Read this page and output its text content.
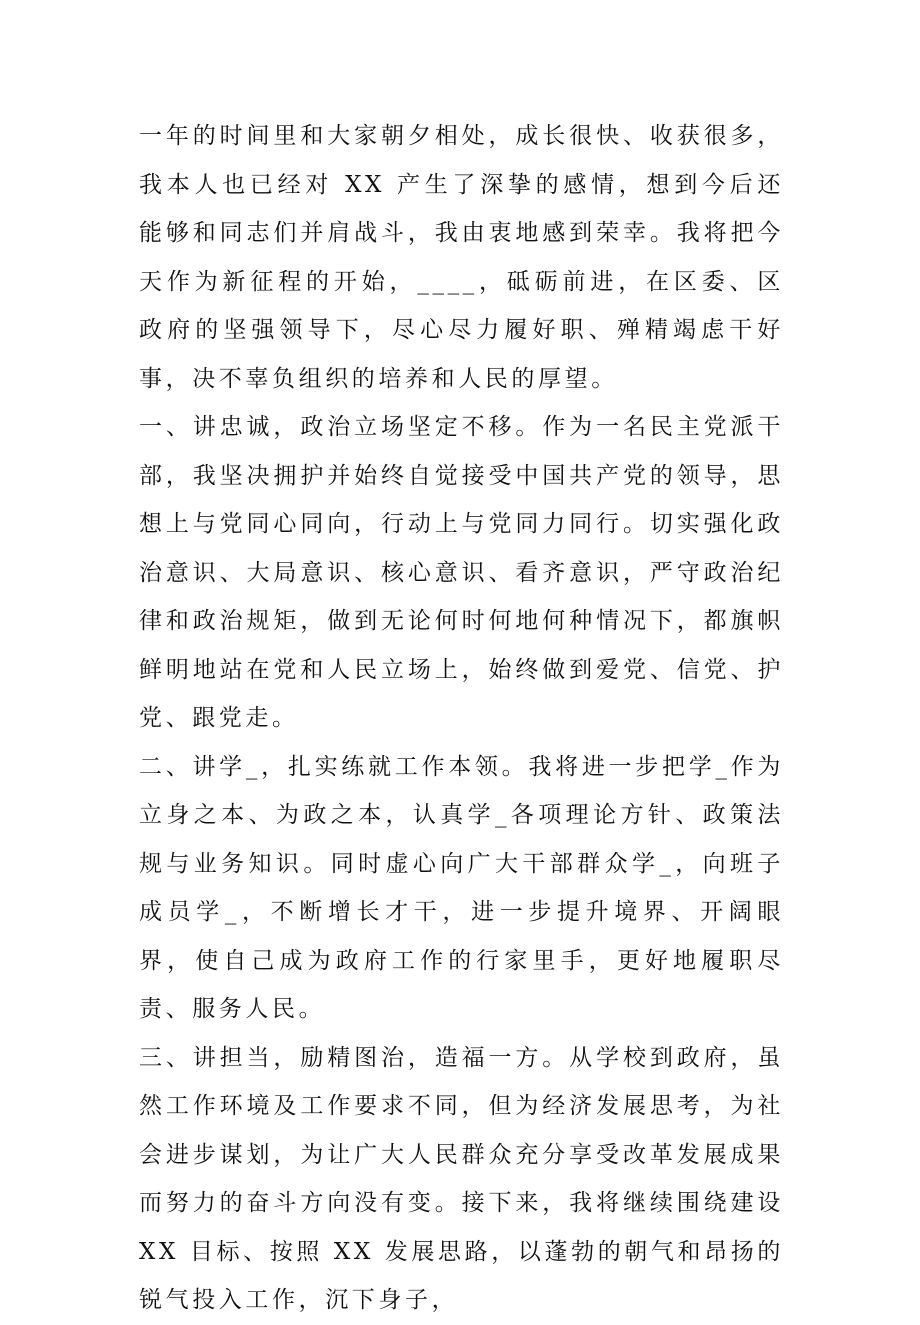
一年的时间里和大家朝夕相处，成长很快、收获很多，我本人也已经对 XX 产生了深挚的感情，想到今后还能够和同志们并肩战斗，我由衷地感到荣幸。我将把今天作为新征程的开始，____，砥砺前进，在区委、区政府的坚强领导下，尽心尽力履好职、殚精竭虑干好事，决不辜负组织的培养和人民的厚望。

一、讲忠诚，政治立场坚定不移。作为一名民主党派干部，我坚决拥护并始终自觉接受中国共产党的领导，思想上与党同心同向，行动上与党同力同行。切实强化政治意识、大局意识、核心意识、看齐意识，严守政治纪律和政治规矩，做到无论何时何地何种情况下，都旗帜鲜明地站在党和人民立场上，始终做到爱党、信党、护党、跟党走。

二、讲学_，扎实练就工作本领。我将进一步把学_作为立身之本、为政之本，认真学_各项理论方针、政策法规与业务知识。同时虚心向广大干部群众学_，向班子成员学_，不断增长才干，进一步提升境界、开阔眼界，使自己成为政府工作的行家里手，更好地履职尽责、服务人民。

三、讲担当，励精图治，造福一方。从学校到政府，虽然工作环境及工作要求不同，但为经济发展思考，为社会进步谋划，为让广大人民群众充分享受改革发展成果而努力的奋斗方向没有变。接下来，我将继续围绕建设 XX 目标、按照 XX 发展思路，以蓬勃的朝气和昂扬的锐气投入工作，沉下身子，
